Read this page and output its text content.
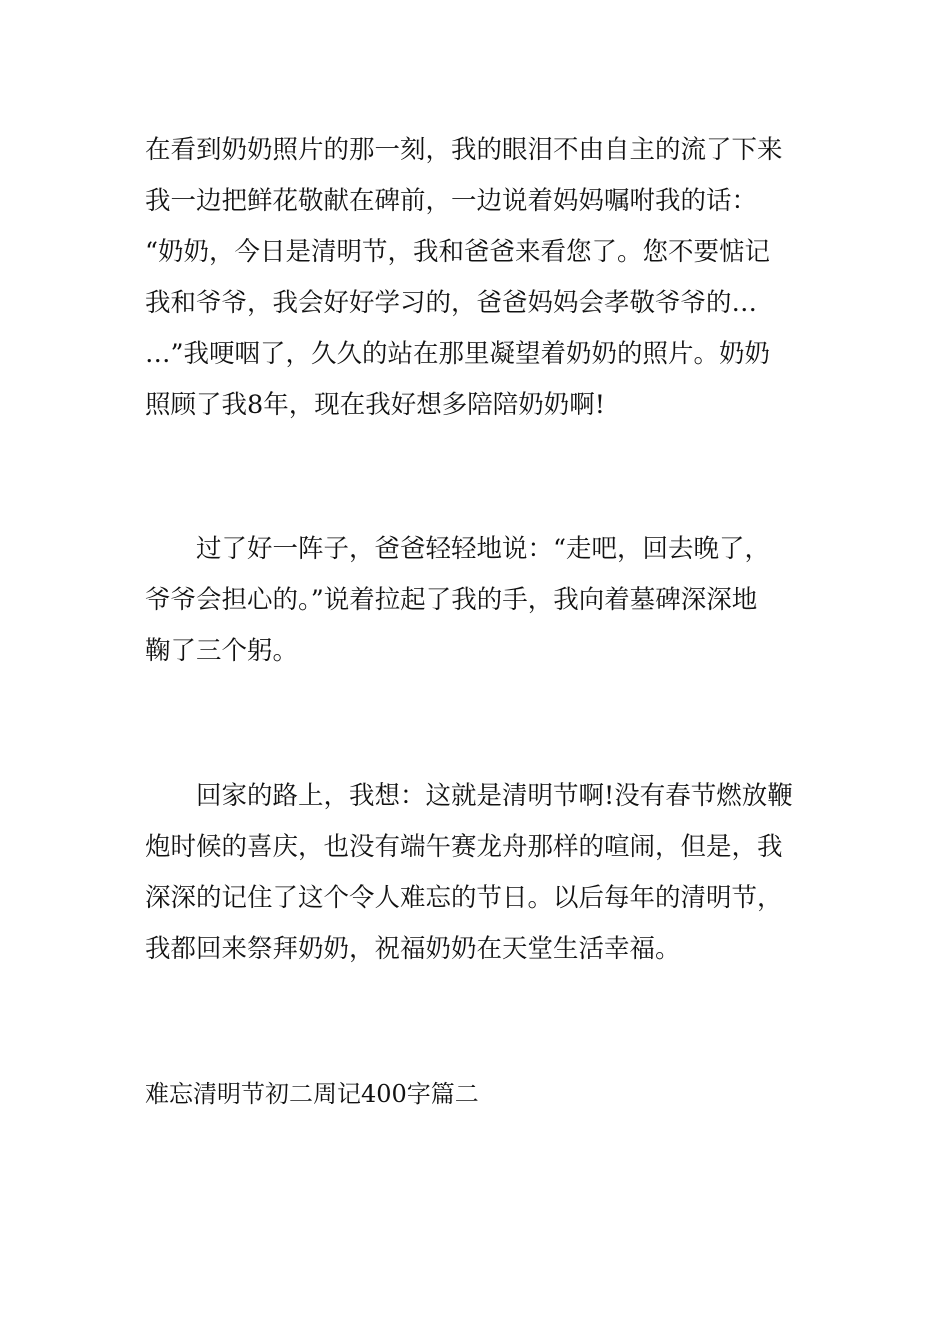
在看到奶奶照片的那一刻，我的眼泪不由自主的流了下来
我一边把鲜花敬献在碑前，一边说着妈妈嘱咐我的话：
“奶奶，今日是清明节，我和爸爸来看您了。您不要惦记
我和爷爷，我会好好学习的，爸爸妈妈会孝敬爷爷的…
…”我哽咽了，久久的站在那里凝望着奶奶的照片。奶奶
照顾了我8年，现在我好想多陪陪奶奶啊!
　　过了好一阵子，爸爸轻轻地说：“走吧，回去晚了，
爷爷会担心的。”说着拉起了我的手，我向着墓碑深深地
鞠了三个躬。
　　回家的路上，我想：这就是清明节啊!没有春节燃放鞭
炮时候的喜庆，也没有端午赛龙舟那样的喧闹，但是，我
深深的记住了这个令人难忘的节日。以后每年的清明节，
我都回来祭拜奶奶，祝福奶奶在天堂生活幸福。
难忘清明节初二周记400字篇二
